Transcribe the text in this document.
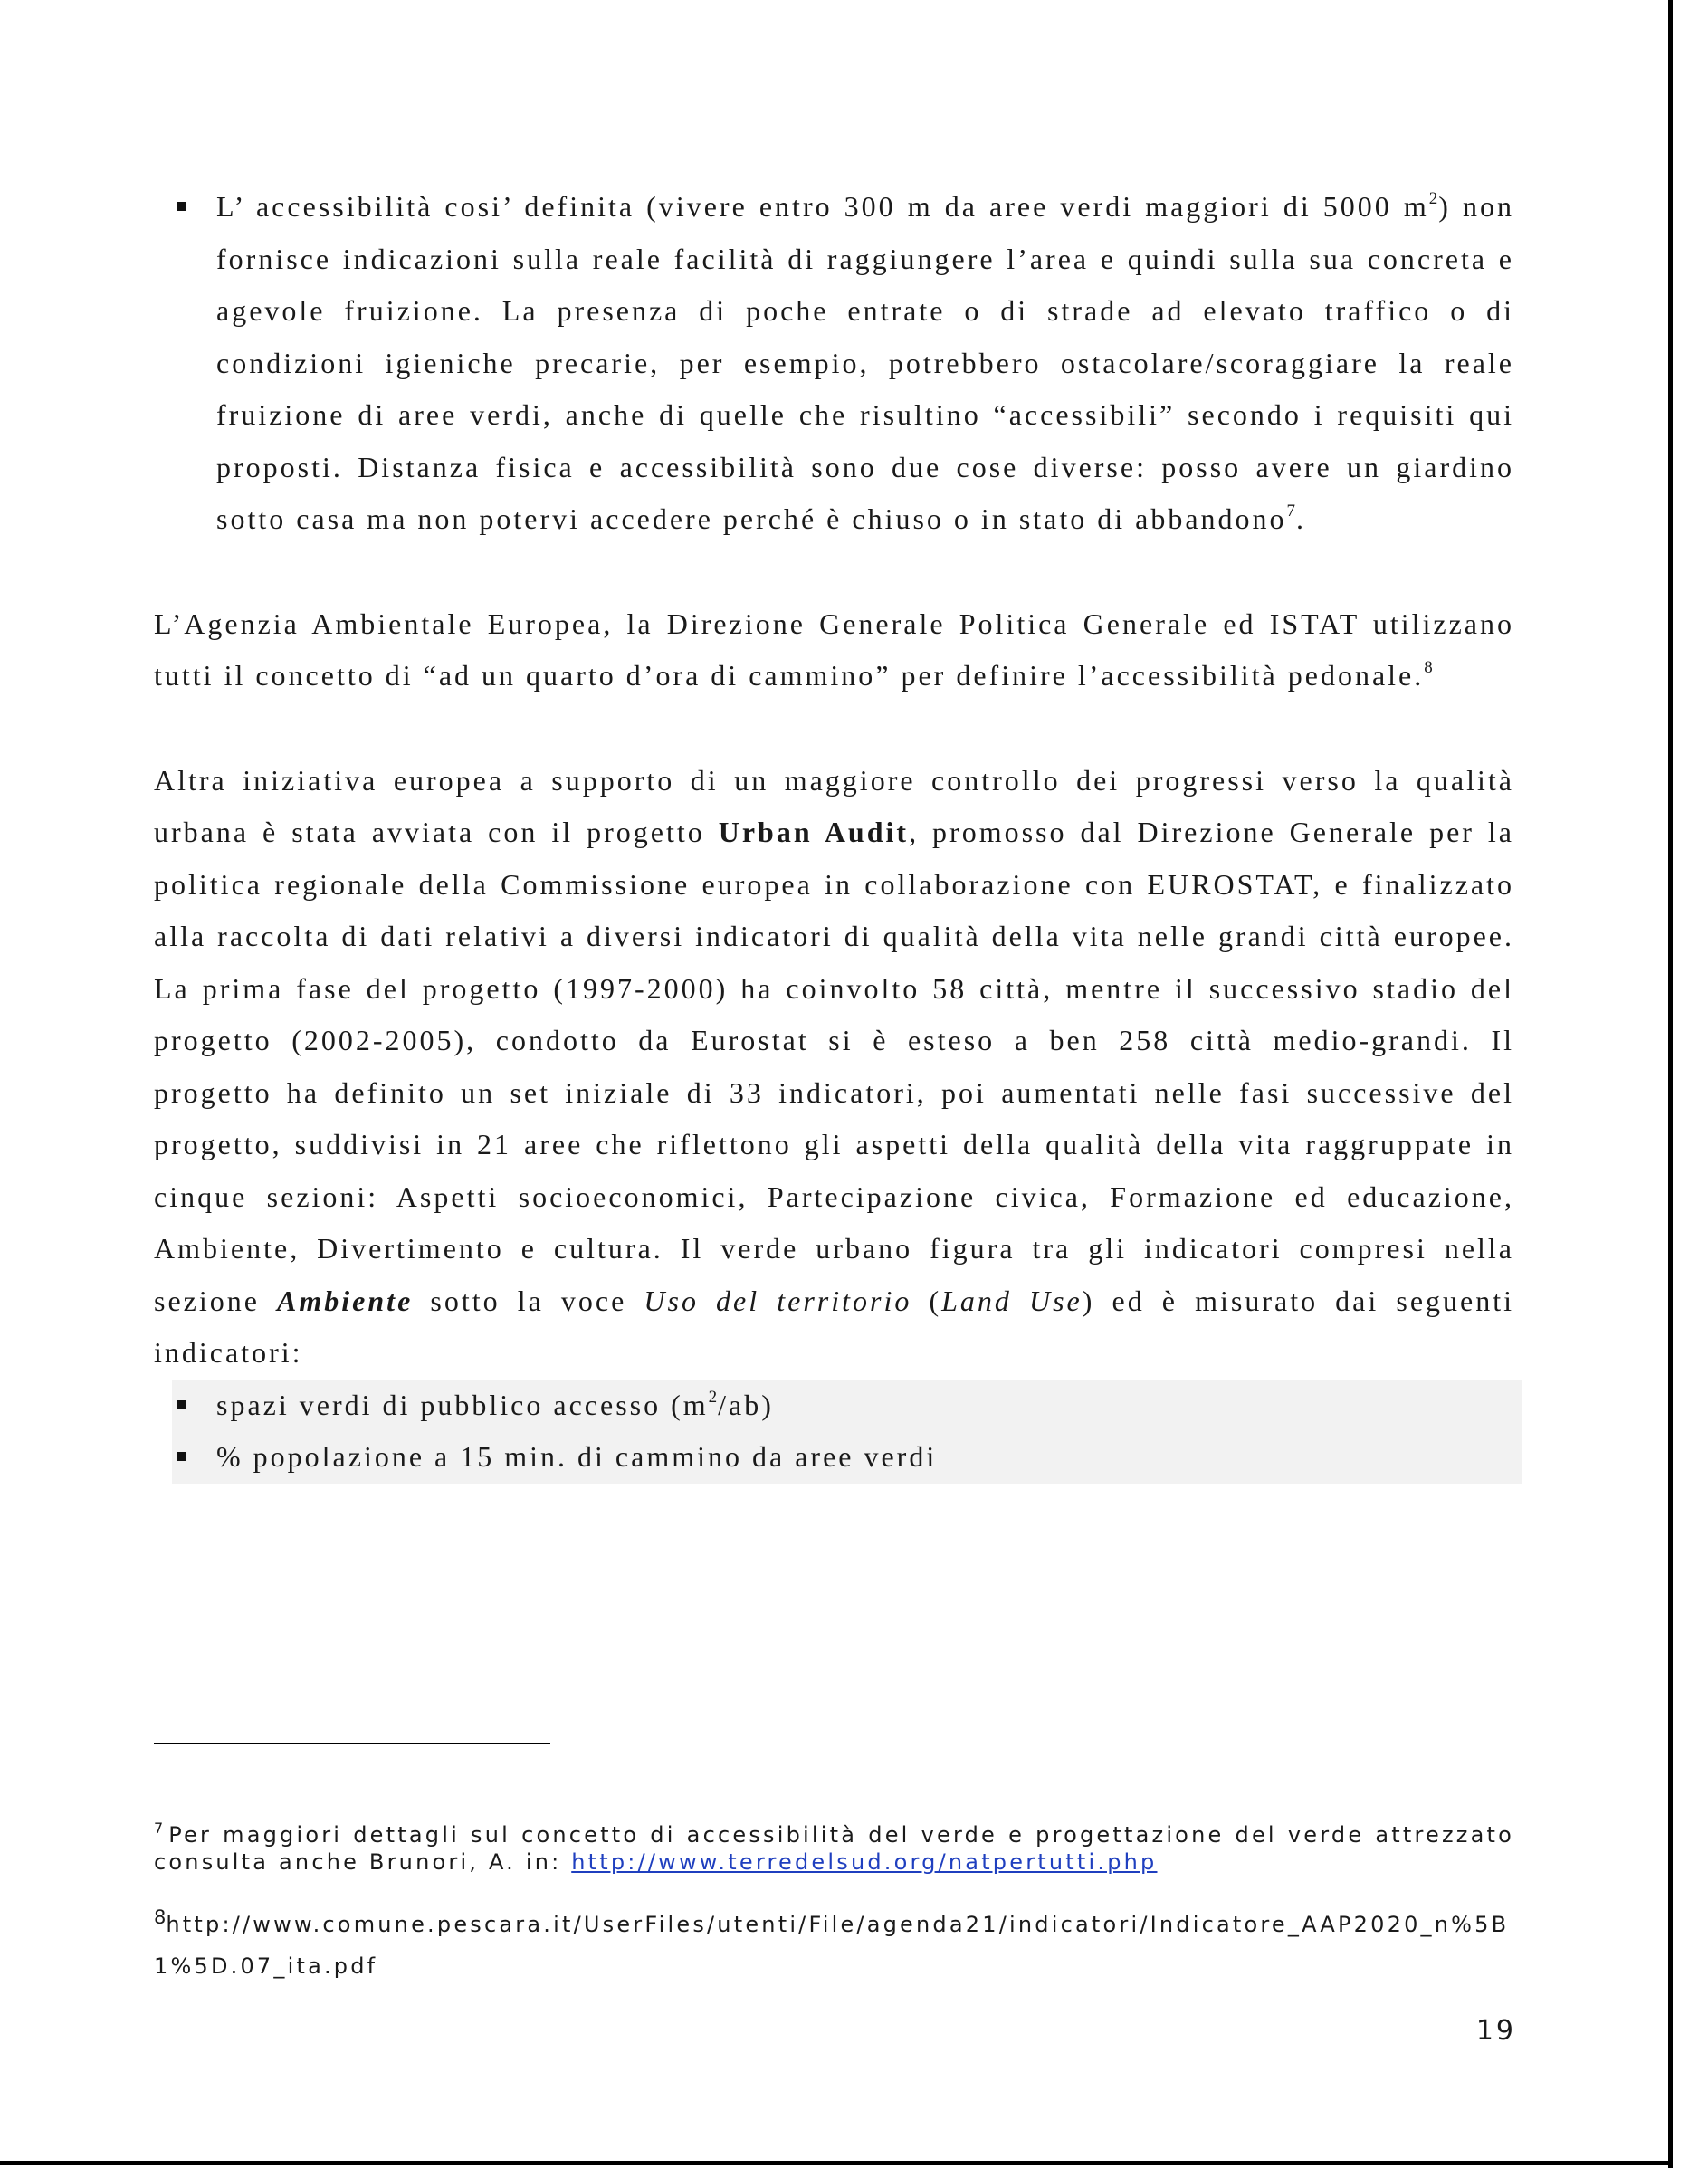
L’ accessibilità cosi’ definita (vivere entro 300 m da aree verdi maggiori di 5000 $m^2$) non fornisce indicazioni sulla reale facilità di raggiungere l’area e quindi sulla sua concreta e agevole fruizione. La presenza di poche entrate o di strade ad elevato traffico o di condizioni igieniche precarie, per esempio, potrebbero ostacolare/scoraggiare la reale fruizione di aree verdi, anche di quelle che risultino “accessibili” secondo i requisiti qui proposti. Distanza fisica e accessibilità sono due cose diverse: posso avere un giardino sotto casa ma non potervi accedere perché è chiuso o in stato di abbandono$^7$.

L’Agenzia Ambientale Europea, la Direzione Generale Politica Generale ed ISTAT utilizzano tutti il concetto di “ad un quarto d’ora di cammino” per definire l’accessibilità pedonale.$^8$

Altra iniziativa europea a supporto di un maggiore controllo dei progressi verso la qualità urbana è stata avviata con il progetto Urban Audit, promosso dal Direzione Generale per la politica regionale della Commissione europea in collaborazione con EUROSTAT, e finalizzato alla raccolta di dati relativi a diversi indicatori di qualità della vita nelle grandi città europee. La prima fase del progetto (1997-2000) ha coinvolto 58 città, mentre il successivo stadio del progetto (2002-2005), condotto da Eurostat si è esteso a ben 258 città medio-grandi. Il progetto ha definito un set iniziale di 33 indicatori, poi aumentati nelle fasi successive del progetto, suddivisi in 21 aree che riflettono gli aspetti della qualità della vita raggruppate in cinque sezioni: Aspetti socioeconomici, Partecipazione civica, Formazione ed educazione, Ambiente, Divertimento e cultura. Il verde urbano figura tra gli indicatori compresi nella sezione Ambiente sotto la voce Uso del territorio (Land Use) ed è misurato dai seguenti indicatori:

spazi verdi di pubblico accesso $(m^2/ab)$
% popolazione a 15 min. di cammino da aree verdi
$^7$ Per maggiori dettagli sul concetto di accessibilità del verde e progettazione del verde attrezzato consulta anche Brunori, A. in: http://www.terredelsud.org/natpertutti.php
8http://www.comune.pescara.it/UserFiles/utenti/File/agenda21/indicatori/Indicatore_AAP2020_n%5B1%5D.07_ita.pdf
19
